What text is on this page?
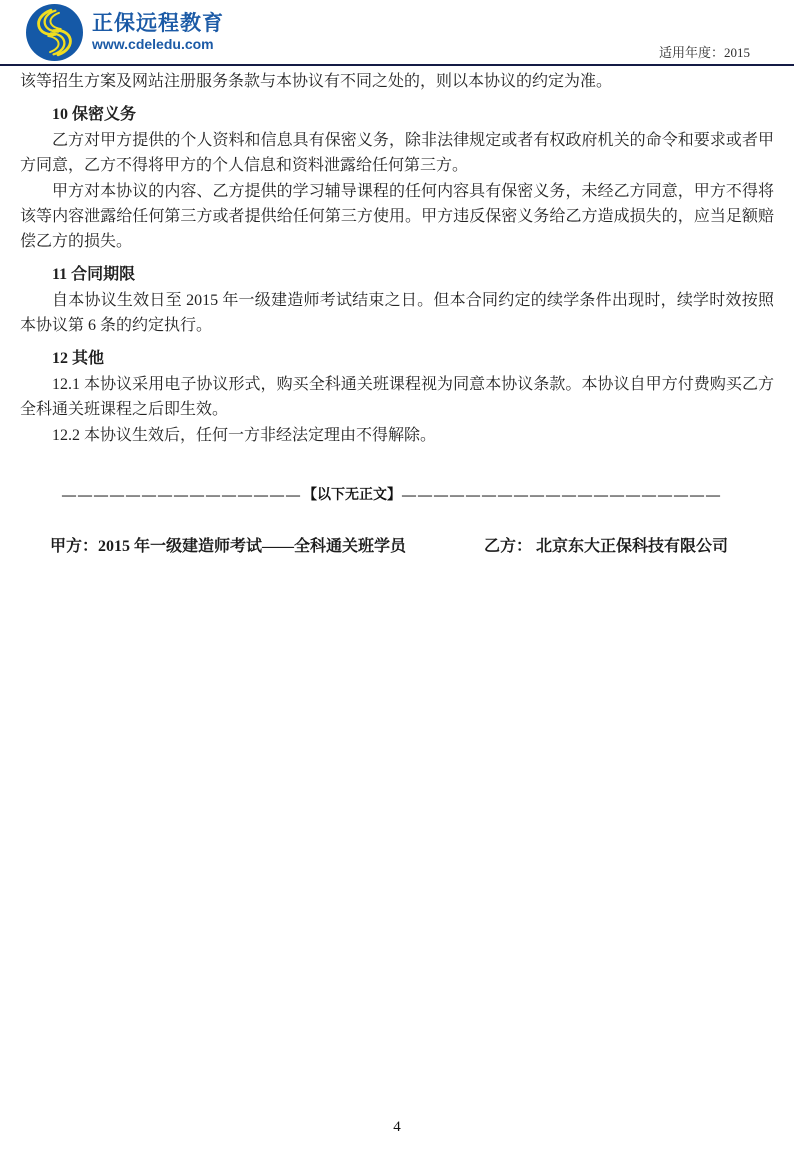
正保远程教育
www.cdeledu.com
适用年度：2015

该等招生方案及网站注册服务条款与本协议有不同之处的，则以本协议的约定为准。

10 保密义务

乙方对甲方提供的个人资料和信息具有保密义务，除非法律规定或者有权政府机关的命令和要求或者甲方同意，乙方不得将甲方的个人信息和资料泄露给任何第三方。

甲方对本协议的内容、乙方提供的学习辅导课程的任何内容具有保密义务，未经乙方同意，甲方不得将该等内容泄露给任何第三方或者提供给任何第三方使用。甲方违反保密义务给乙方造成损失的，应当足额赔偿乙方的损失。

11 合同期限

自本协议生效日至 2015 年一级建造师考试结束之日。但本合同约定的续学条件出现时，续学时效按照本协议第 6 条的约定执行。

12 其他

12.1 本协议采用电子协议形式，购买全科通关班课程视为同意本协议条款。本协议自甲方付费购买乙方全科通关班课程之后即生效。

12.2 本协议生效后，任何一方非经法定理由不得解除。

———————————————【以下无正文】————————————————————
甲方：2015 年一级建造师考试——全科通关班学员	乙方： 北京东大正保科技有限公司
4
